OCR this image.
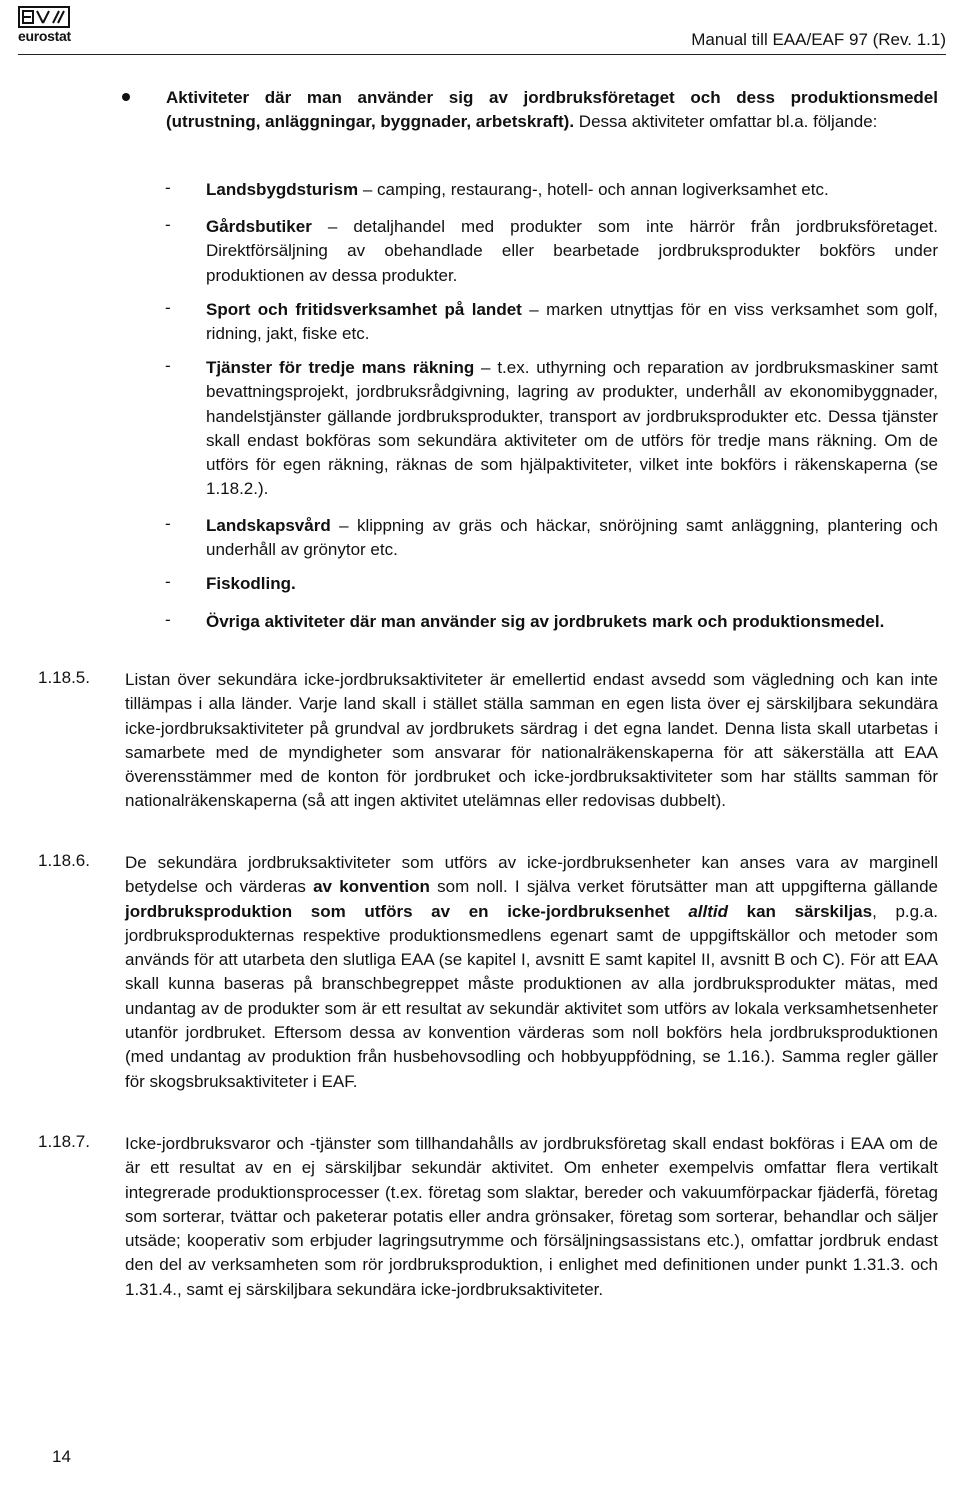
eurostat	Manual till EAA/EAF 97 (Rev. 1.1)
Aktiviteter där man använder sig av jordbruksföretaget och dess produktionsmedel (utrustning, anläggningar, byggnader, arbetskraft). Dessa aktiviteter omfattar bl.a. följande:
- Landsbygdsturism – camping, restaurang-, hotell- och annan logiverksamhet etc.
- Gårdsbutiker – detaljhandel med produkter som inte härrör från jordbruksföretaget. Direktförsäljning av obehandlade eller bearbetade jordbruksprodukter bokförs under produktionen av dessa produkter.
- Sport och fritidsverksamhet på landet – marken utnyttjas för en viss verksamhet som golf, ridning, jakt, fiske etc.
- Tjänster för tredje mans räkning – t.ex. uthyrning och reparation av jordbruksmaskiner samt bevattningsprojekt, jordbruksrådgivning, lagring av produkter, underhåll av ekonomibyggnader, handelstjänster gällande jordbruksprodukter, transport av jordbruksprodukter etc. Dessa tjänster skall endast bokföras som sekundära aktiviteter om de utförs för tredje mans räkning. Om de utförs för egen räkning, räknas de som hjälpaktiviteter, vilket inte bokförs i räkenskaperna (se 1.18.2.).
- Landskapsvård – klippning av gräs och häckar, snöröjning samt anläggning, plantering och underhåll av grönytor etc.
- Fiskodling.
- Övriga aktiviteter där man använder sig av jordbrukets mark och produktionsmedel.
1.18.5. Listan över sekundära icke-jordbruksaktiviteter är emellertid endast avsedd som vägledning och kan inte tillämpas i alla länder. Varje land skall i stället ställa samman en egen lista över ej särskiljbara sekundära icke-jordbruksaktiviteter på grundval av jordbrukets särdrag i det egna landet. Denna lista skall utarbetas i samarbete med de myndigheter som ansvarar för nationalräkenskaperna för att säkerställa att EAA överensstämmer med de konton för jordbruket och icke-jordbruksaktiviteter som har ställts samman för nationalräkenskaperna (så att ingen aktivitet utelämnas eller redovisas dubbelt).
1.18.6. De sekundära jordbruksaktiviteter som utförs av icke-jordbruksenheter kan anses vara av marginell betydelse och värderas av konvention som noll. I själva verket förutsätter man att uppgifterna gällande jordbruksproduktion som utförs av en icke-jordbruksenhet alltid kan särskiljas, p.g.a. jordbruksprodukternas respektive produktionsmedlens egenart samt de uppgiftskällor och metoder som används för att utarbeta den slutliga EAA (se kapitel I, avsnitt E samt kapitel II, avsnitt B och C). För att EAA skall kunna baseras på branschbegreppet måste produktionen av alla jordbruksprodukter mätas, med undantag av de produkter som är ett resultat av sekundär aktivitet som utförs av lokala verksamhetsenheter utanför jordbruket. Eftersom dessa av konvention värderas som noll bokförs hela jordbruksproduktionen (med undantag av produktion från husbehovsodling och hobbyuppfödning, se 1.16.). Samma regler gäller för skogsbruksaktiviteter i EAF.
1.18.7. Icke-jordbruksvaror och -tjänster som tillhandahålls av jordbruksföretag skall endast bokföras i EAA om de är ett resultat av en ej särskiljbar sekundär aktivitet. Om enheter exempelvis omfattar flera vertikalt integrerade produktionsprocesser (t.ex. företag som slaktar, bereder och vakuumförpackar fjäderfä, företag som sorterar, tvättar och paketerar potatis eller andra grönsaker, företag som sorterar, behandlar och säljer utsäde; kooperativ som erbjuder lagringsutrymme och försäljningsassistans etc.), omfattar jordbruk endast den del av verksamheten som rör jordbruksproduktion, i enlighet med definitionen under punkt 1.31.3. och 1.31.4., samt ej särskiljbara sekundära icke-jordbruksaktiviteter.
14
